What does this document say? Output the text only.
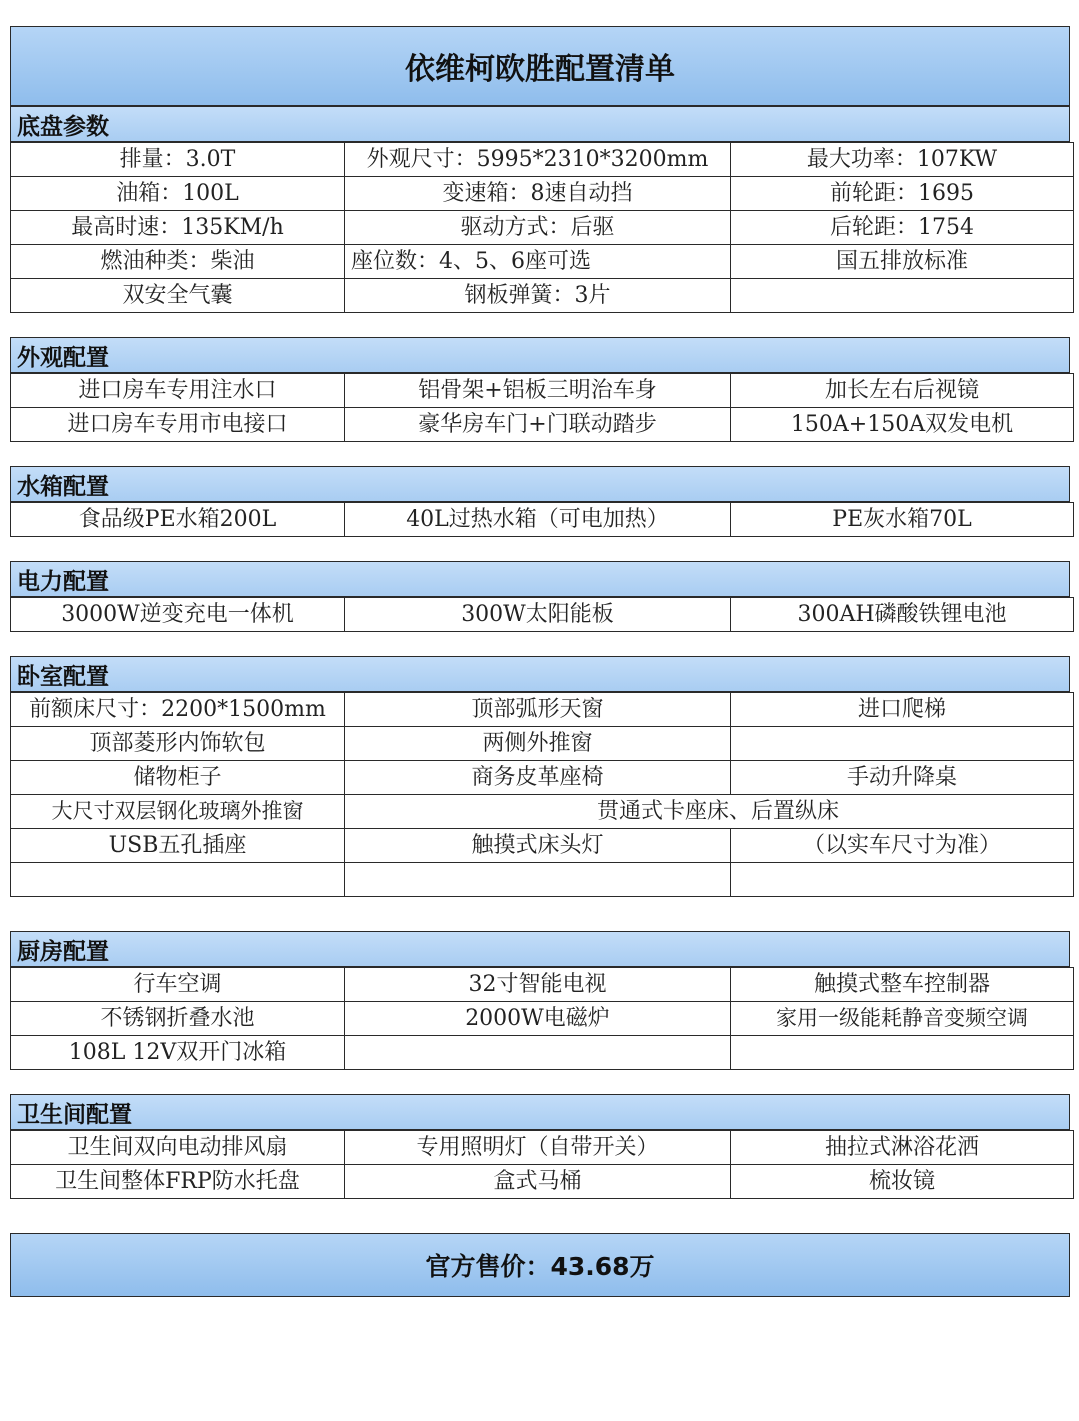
依维柯欧胜配置清单
底盘参数
排量：3.0T	外观尺寸：5995*2310*3200mm	最大功率：107KW
油箱：100L	变速箱：8速自动挡	前轮距：1695
最高时速：135KM/h	驱动方式：后驱	后轮距：1754
燃油种类：柴油	座位数：4、5、6座可选	国五排放标准
双安全气囊	钢板弹簧：3片	
外观配置
进口房车专用注水口	铝骨架+铝板三明治车身	加长左右后视镜
进口房车专用市电接口	豪华房车门+门联动踏步	150A+150A双发电机
水箱配置
食品级PE水箱200L	40L过热水箱（可电加热）	PE灰水箱70L
电力配置
3000W逆变充电一体机	300W太阳能板	300AH磷酸铁锂电池
卧室配置
前额床尺寸：2200*1500mm	顶部弧形天窗	进口爬梯
顶部菱形内饰软包	两侧外推窗	
储物柜子	商务皮革座椅	手动升降桌
大尺寸双层钢化玻璃外推窗	贯通式卡座床、后置纵床	
USB五孔插座	触摸式床头灯	（以实车尺寸为准）

厨房配置
行车空调	32寸智能电视	触摸式整车控制器
不锈钢折叠水池	2000W电磁炉	家用一级能耗静音变频空调
108L 12V双开门冰箱		
卫生间配置
卫生间双向电动排风扇	专用照明灯（自带开关）	抽拉式淋浴花洒
卫生间整体FRP防水托盘	盒式马桶	梳妆镜
官方售价：43.68万
